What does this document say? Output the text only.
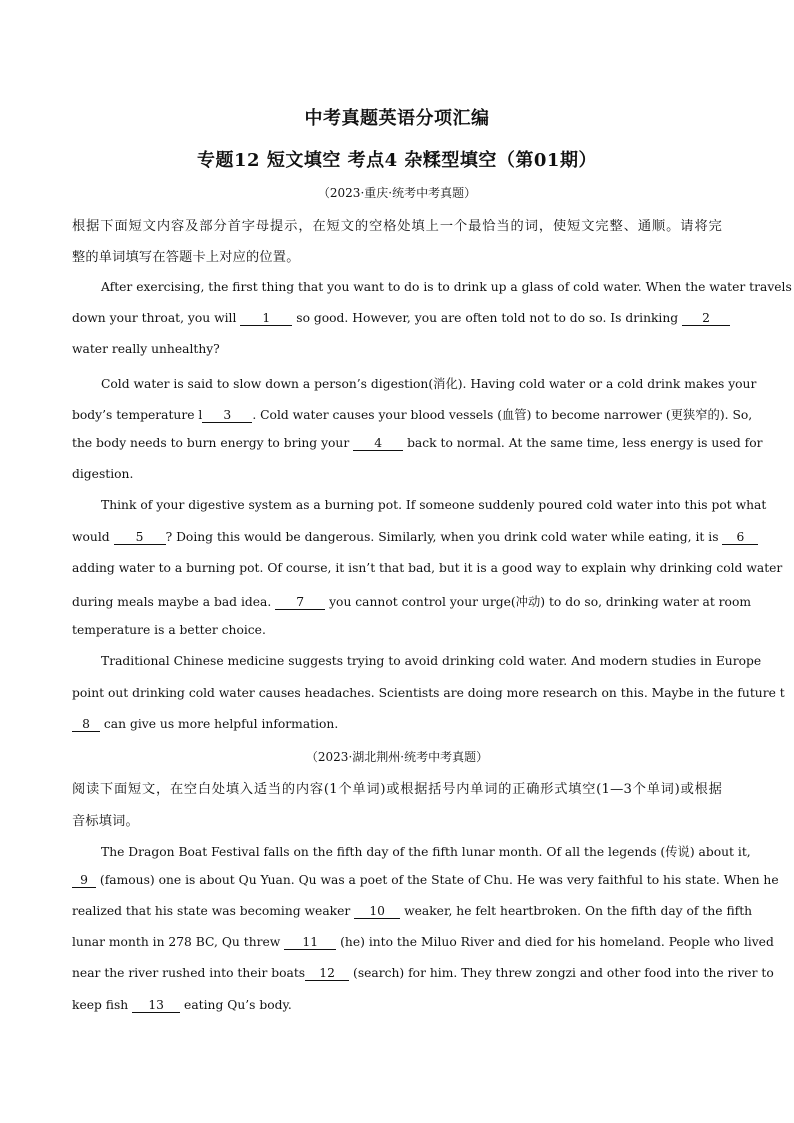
中考真题英语分项汇编
专题12 短文填空 考点4 杂糅型填空（第01期）
（2023·重庆·统考中考真题）
根据下面短文内容及部分首字母提示，在短文的空格处填上一个最恰当的词，使短文完整、通顺。请将完
整的单词填写在答题卡上对应的位置。
After exercising, the first thing that you want to do is to drink up a glass of cold water. When the water travels
down your throat, you will 1 so good. However, you are often told not to do so. Is drinking 2
water really unhealthy?
Cold water is said to slow down a person’s digestion(消化). Having cold water or a cold drink makes your
body’s temperature l 3 . Cold water causes your blood vessels (血管) to become narrower (更狭窄的). So,
the body needs to burn energy to bring your 4 back to normal. At the same time, less energy is used for
digestion.
Think of your digestive system as a burning pot. If someone suddenly poured cold water into this pot what
would 5 ? Doing this would be dangerous. Similarly, when you drink cold water while eating, it is 6
adding water to a burning pot. Of course, it isn’t that bad, but it is a good way to explain why drinking cold water
during meals maybe a bad idea. 7 you cannot control your urge(冲动) to do so, drinking water at room
temperature is a better choice.
Traditional Chinese medicine suggests trying to avoid drinking cold water. And modern studies in Europe
point out drinking cold water causes headaches. Scientists are doing more research on this. Maybe in the future t
8 can give us more helpful information.
（2023·湖北荆州·统考中考真题）
阅读下面短文，在空白处填入适当的内容(1个单词)或根据括号内单词的正确形式填空(1—3个单词)或根据
音标填词。
The Dragon Boat Festival falls on the fifth day of the fifth lunar month. Of all the legends (传说) about it,
9 (famous) one is about Qu Yuan. Qu was a poet of the State of Chu. He was very faithful to his state. When he
realized that his state was becoming weaker 10 weaker, he felt heartbroken. On the fifth day of the fifth
lunar month in 278 BC, Qu threw 11 (he) into the Miluo River and died for his homeland. People who lived
near the river rushed into their boats 12 (search) for him. They threw zongzi and other food into the river to
keep fish 13 eating Qu’s body.
